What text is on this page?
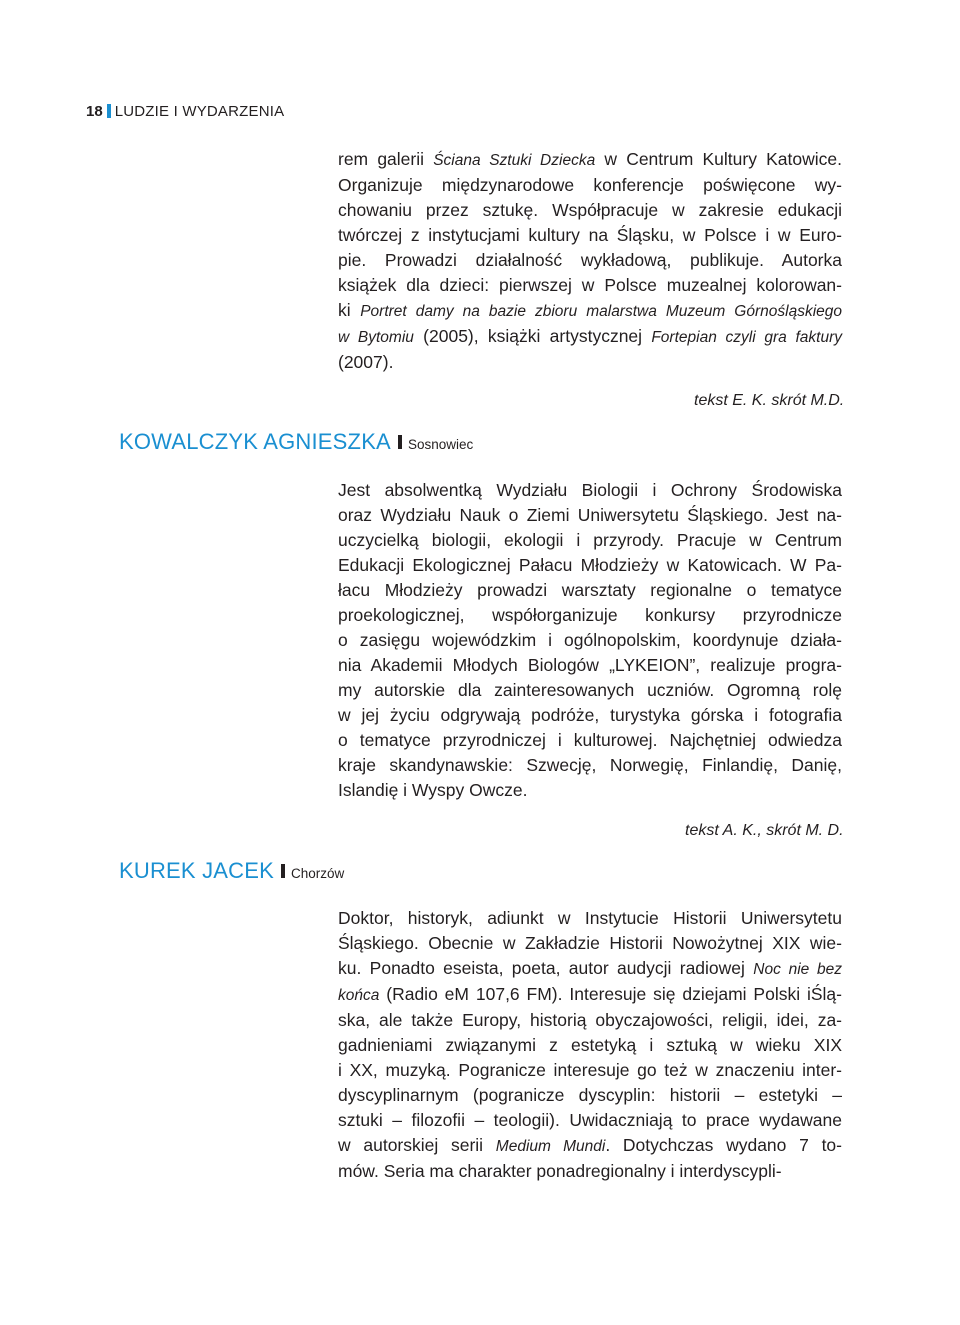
18 LUDZIE I WYDARZENIA
rem galerii Ściana Sztuki Dziecka w Centrum Kultury Katowice.
Organizuje międzynarodowe konferencje poświęcone wy-
chowaniu przez sztukę. Współpracuje w zakresie edukacji
twórczej z instytucjami kultury na Śląsku, w Polsce i w Euro-
pie. Prowadzi działalność wykładową, publikuje. Autorka
książek dla dzieci: pierwszej w Polsce muzealnej kolorowan-
ki Portret damy na bazie zbioru malarstwa Muzeum Górnośląskiego
w Bytomiu (2005), książki artystycznej Fortepian czyli gra faktury
(2007).
tekst E. K. skrót M.D.
KOWALCZYK AGNIESZKA Sosnowiec
Jest absolwentką Wydziału Biologii i Ochrony Środowiska
oraz Wydziału Nauk o Ziemi Uniwersytetu Śląskiego. Jest na-
uczycielką biologii, ekologii i przyrody. Pracuje w Centrum
Edukacji Ekologicznej Pałacu Młodzieży w Katowicach. W Pa-
łacu Młodzieży prowadzi warsztaty regionalne o tematyce
proekologicznej, współorganizuje konkursy przyrodnicze
o zasięgu wojewódzkim i ogólnopolskim, koordynuje działa-
nia Akademii Młodych Biologów „LYKEION”, realizuje progra-
my autorskie dla zainteresowanych uczniów. Ogromną rolę
w jej życiu odgrywają podróże, turystyka górska i fotografia
o tematyce przyrodniczej i kulturowej. Najchętniej odwiedza
kraje skandynawskie: Szwecję, Norwegię, Finlandię, Danię,
Islandię i Wyspy Owcze.
tekst A. K., skrót M. D.
KUREK JACEK Chorzów
Doktor, historyk, adiunkt w Instytucie Historii Uniwersytetu
Śląskiego. Obecnie w Zakładzie Historii Nowożytnej XIX wie-
ku. Ponadto eseista, poeta, autor audycji radiowej Noc nie bez
końca (Radio eM 107,6 FM). Interesuje się dziejami Polski iŚlą-
ska, ale także Europy, historią obyczajowości, religii, idei, za-
gadnieniami związanymi z estetyką i sztuką w wieku XIX
i XX, muzyką. Pogranicze interesuje go też w znaczeniu inter-
dyscyplinarnym (pogranicze dyscyplin: historii – estetyki –
sztuki – filozofii – teologii). Uwidaczniają to prace wydawane
w autorskiej serii Medium Mundi. Dotychczas wydano 7 to-
mów. Seria ma charakter ponadregionalny i interdyscypli-
